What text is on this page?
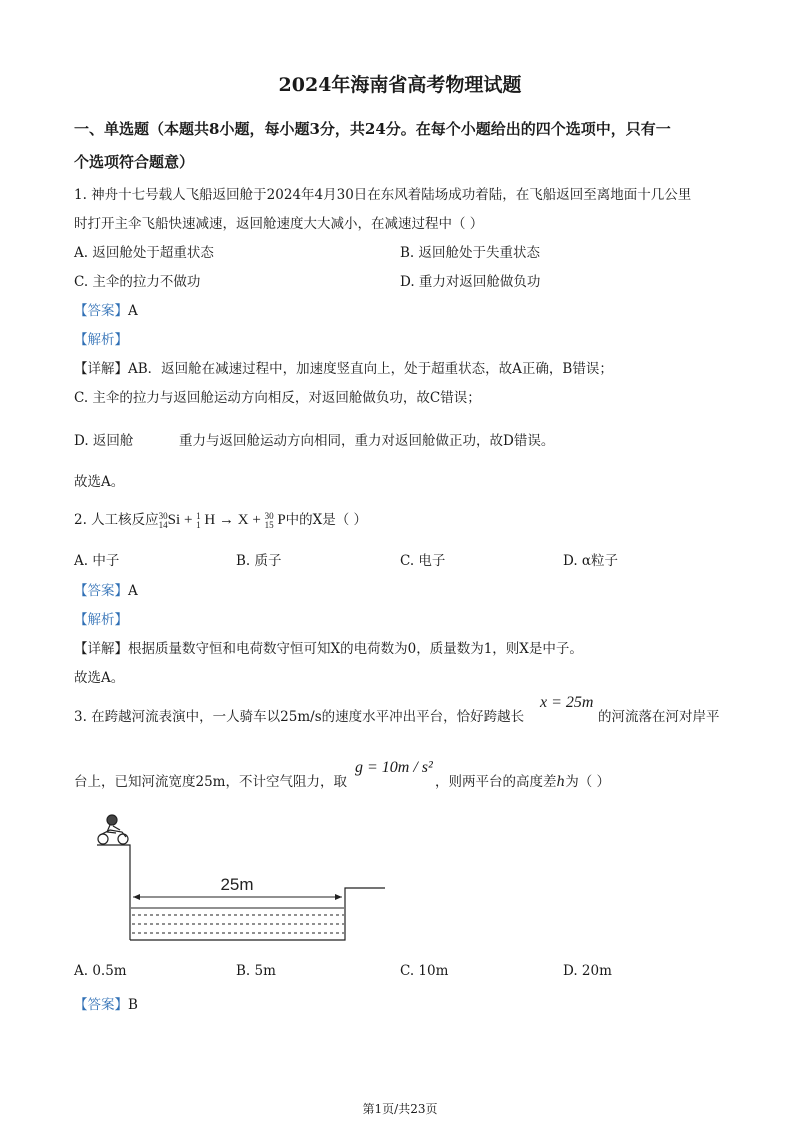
2024年海南省高考物理试题
一、单选题（本题共8小题，每小题3分，共24分。在每个小题给出的四个选项中，只有一
个选项符合题意）
1. 神舟十七号载人飞船返回舱于2024年4月30日在东风着陆场成功着陆，在飞船返回至离地面十几公里
时打开主伞飞船快速减速，返回舱速度大大减小，在减速过程中（ ）
A. 返回舱处于超重状态	B. 返回舱处于失重状态
C. 主伞的拉力不做功	D. 重力对返回舱做负功
【答案】A
【解析】
【详解】AB．返回舱在减速过程中，加速度竖直向上，处于超重状态，故A正确，B错误；
C. 主伞的拉力与返回舱运动方向相反，对返回舱做负功，故C错误；
D. 返回舱	重力与返回舱运动方向相同，重力对返回舱做正功，故D错误。
故选A。
2. 人工核反应30
14Si + 1
1 H → X + 30
15 P中的X是（ ）
A. 中子	B. 质子	C. 电子	D. α粒子
【答案】A
【解析】
【详解】根据质量数守恒和电荷数守恒可知X的电荷数为0，质量数为1，则X是中子。
故选A。
3. 在跨越河流表演中，一人骑车以25m/s的速度水平冲出平台，恰好跨越长
x = 25m
的河流落在河对岸平
台上，已知河流宽度25m，不计空气阻力，取
g = 10m / s²
，则两平台的高度差h为（ ）
25m
A. 0.5m	B. 5m	C. 10m	D. 20m
【答案】B
第1页/共23页
